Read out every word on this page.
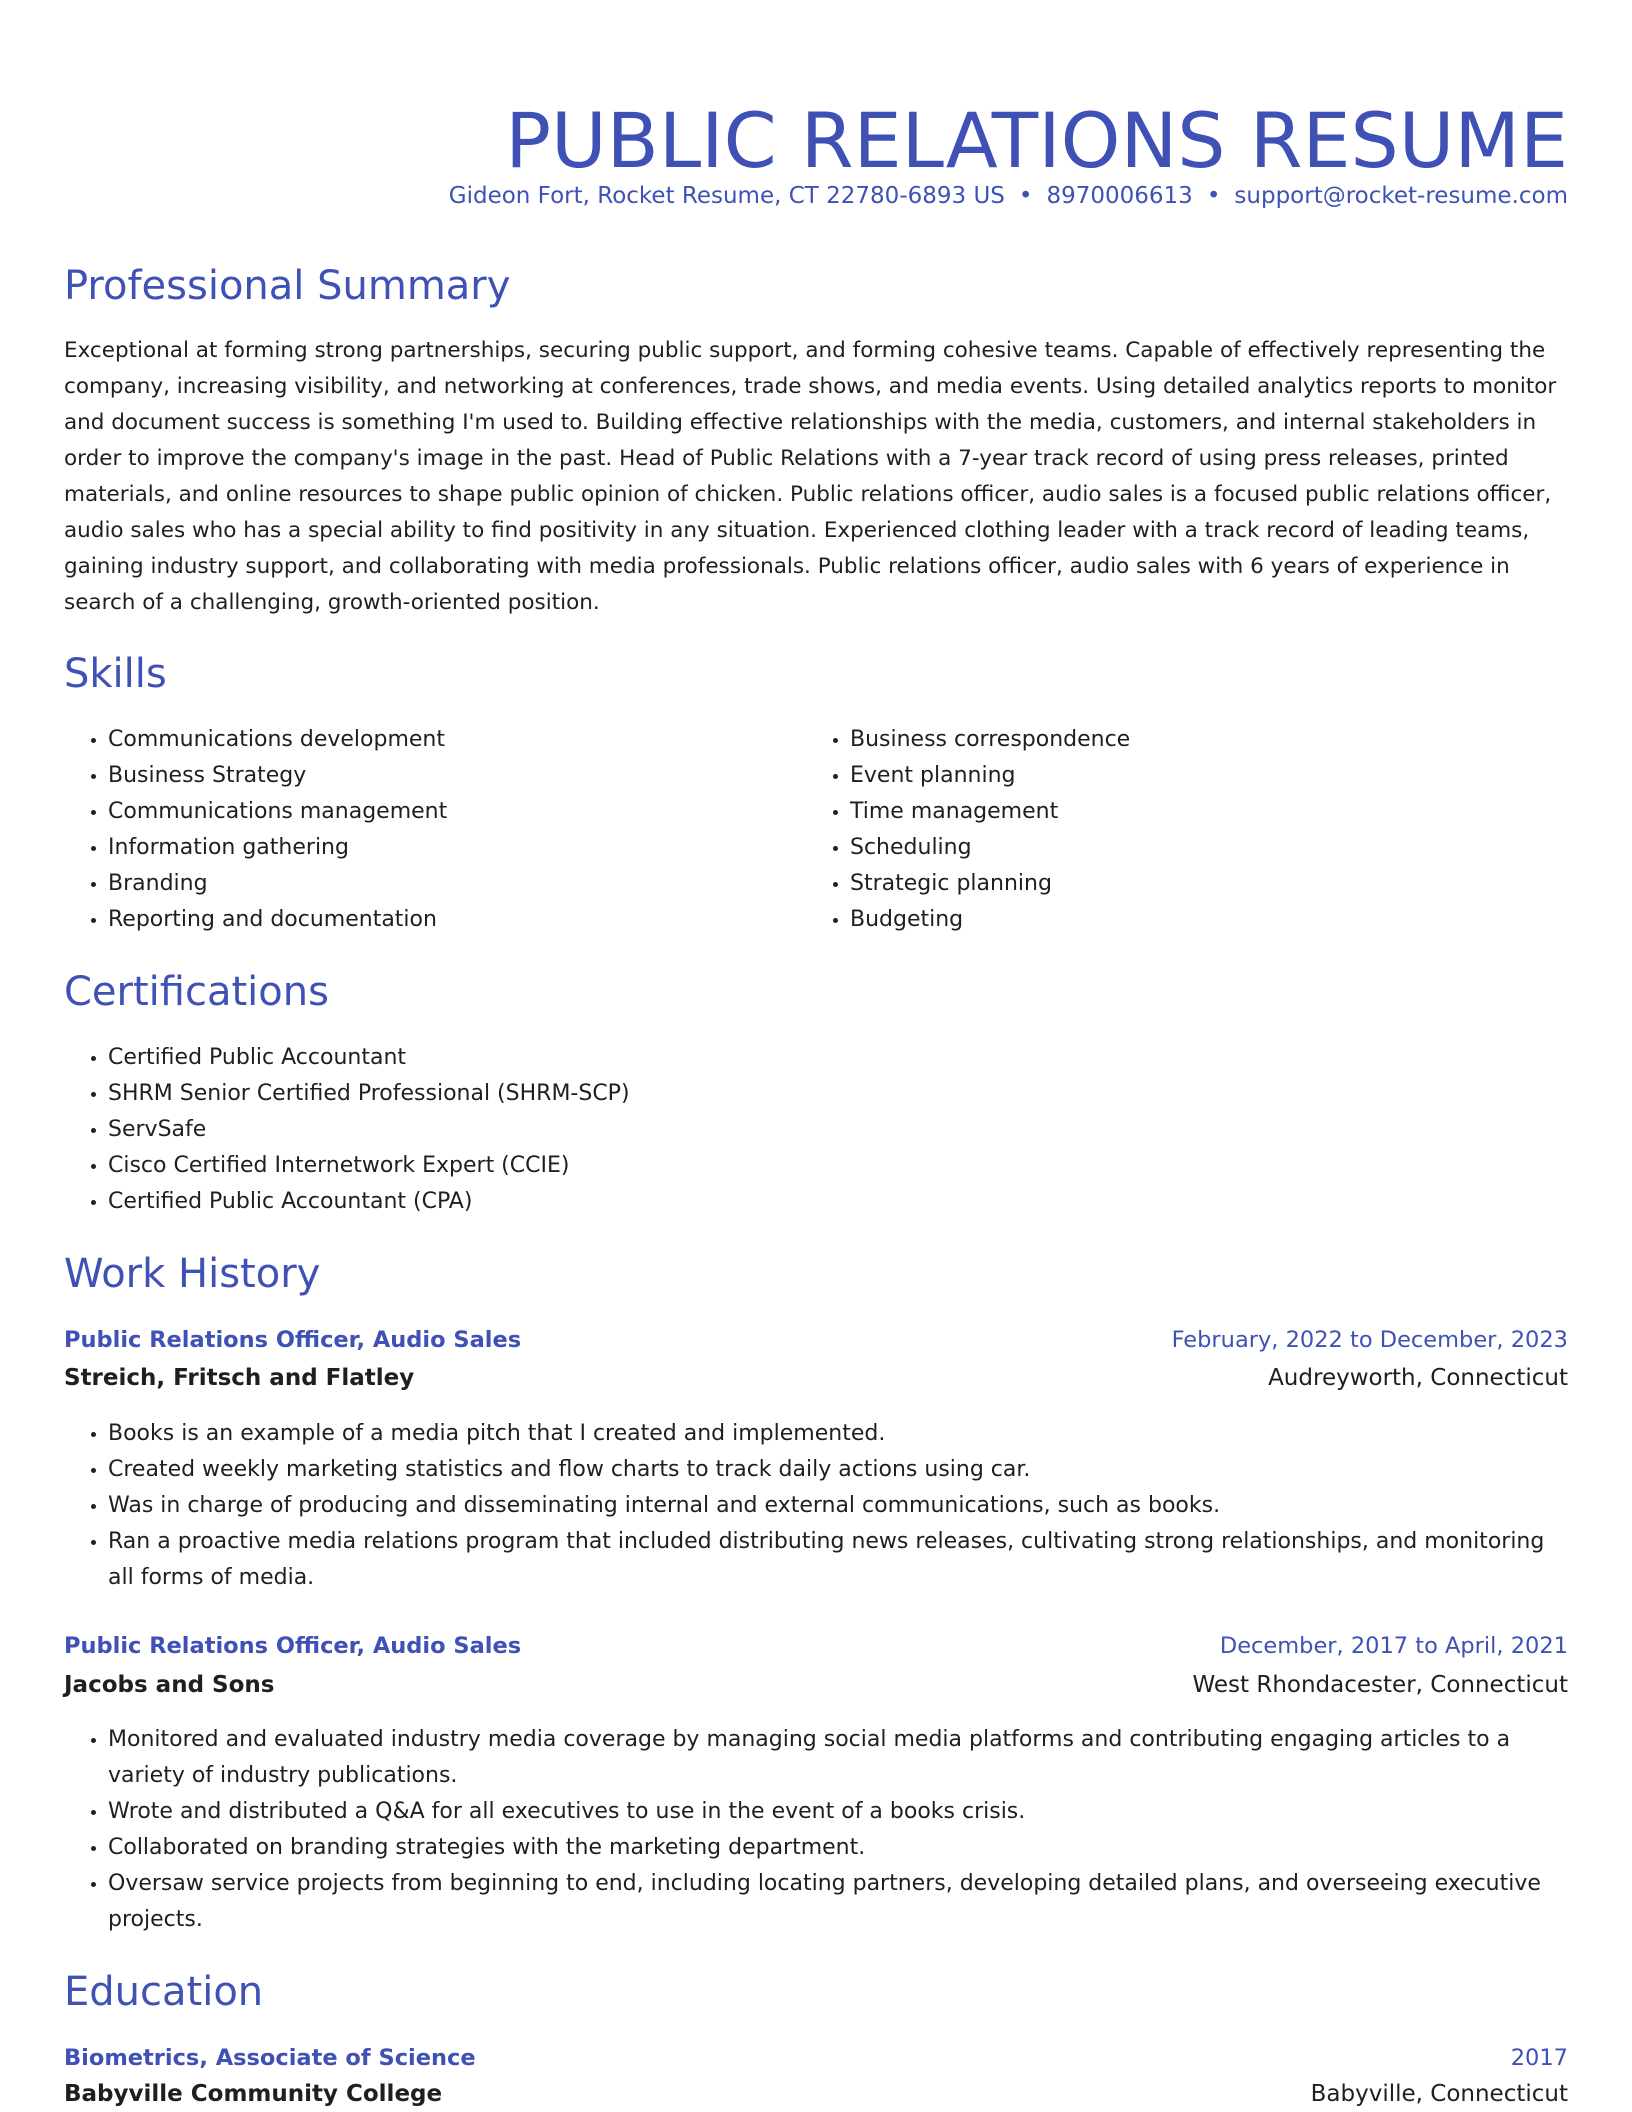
PUBLIC RELATIONS RESUME
Gideon Fort, Rocket Resume, CT 22780-6893 US • 8970006613 • support@rocket-resume.com
Professional Summary

Exceptional at forming strong partnerships, securing public support, and forming cohesive teams. Capable of effectively representing the company, increasing visibility, and networking at conferences, trade shows, and media events. Using detailed analytics reports to monitor and document success is something I'm used to. Building effective relationships with the media, customers, and internal stakeholders in order to improve the company's image in the past. Head of Public Relations with a 7-year track record of using press releases, printed materials, and online resources to shape public opinion of chicken. Public relations officer, audio sales is a focused public relations officer, audio sales who has a special ability to find positivity in any situation. Experienced clothing leader with a track record of leading teams, gaining industry support, and collaborating with media professionals. Public relations officer, audio sales with 6 years of experience in search of a challenging, growth-oriented position.

Skills
• Communications development
• Business Strategy
• Communications management
• Information gathering
• Branding
• Reporting and documentation
• Business correspondence
• Event planning
• Time management
• Scheduling
• Strategic planning
• Budgeting
Certifications
• Certified Public Accountant
• SHRM Senior Certified Professional (SHRM-SCP)
• ServSafe
• Cisco Certified Internetwork Expert (CCIE)
• Certified Public Accountant (CPA)
Work History
Public Relations Officer, Audio Sales	February, 2022 to December, 2023
Streich, Fritsch and Flatley	Audreyworth, Connecticut
• Books is an example of a media pitch that I created and implemented.
• Created weekly marketing statistics and flow charts to track daily actions using car.
• Was in charge of producing and disseminating internal and external communications, such as books.
• Ran a proactive media relations program that included distributing news releases, cultivating strong relationships, and monitoring all forms of media.
Public Relations Officer, Audio Sales	December, 2017 to April, 2021
Jacobs and Sons	West Rhondacester, Connecticut
• Monitored and evaluated industry media coverage by managing social media platforms and contributing engaging articles to a variety of industry publications.
• Wrote and distributed a Q&A for all executives to use in the event of a books crisis.
• Collaborated on branding strategies with the marketing department.
• Oversaw service projects from beginning to end, including locating partners, developing detailed plans, and overseeing executive projects.
Education
Biometrics, Associate of Science	2017
Babyville Community College	Babyville, Connecticut
